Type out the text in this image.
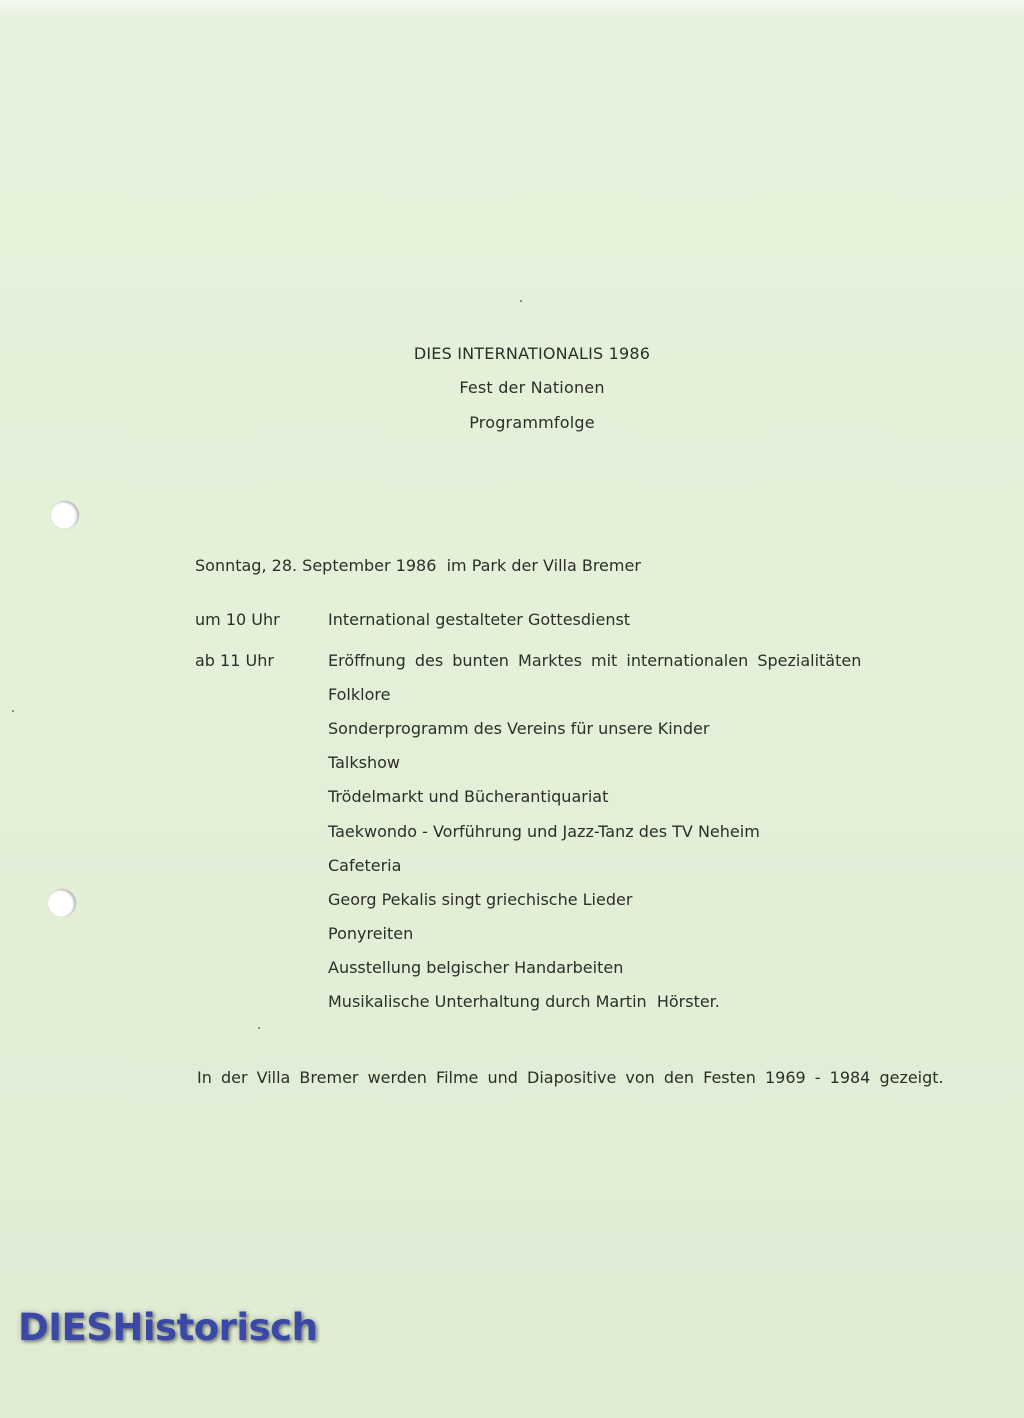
DIES INTERNATIONALIS 1986
Fest der Nationen
Programmfolge
Sonntag, 28. September 1986  im Park der Villa Bremer
um 10 Uhr	International gestalteter Gottesdienst
ab 11 Uhr	Eröffnung des bunten Marktes mit internationalen Spezialitäten
Folklore
Sonderprogramm des Vereins für unsere Kinder
Talkshow
Trödelmarkt und Bücherantiquariat
Taekwondo - Vorführung und Jazz-Tanz des TV Neheim
Cafeteria
Georg Pekalis singt griechische Lieder
Ponyreiten
Ausstellung belgischer Handarbeiten
Musikalische Unterhaltung durch Martin  Hörster.
In der Villa Bremer werden Filme und Diapositive von den Festen 1969 - 1984 gezeigt.
DIESHistorisch
